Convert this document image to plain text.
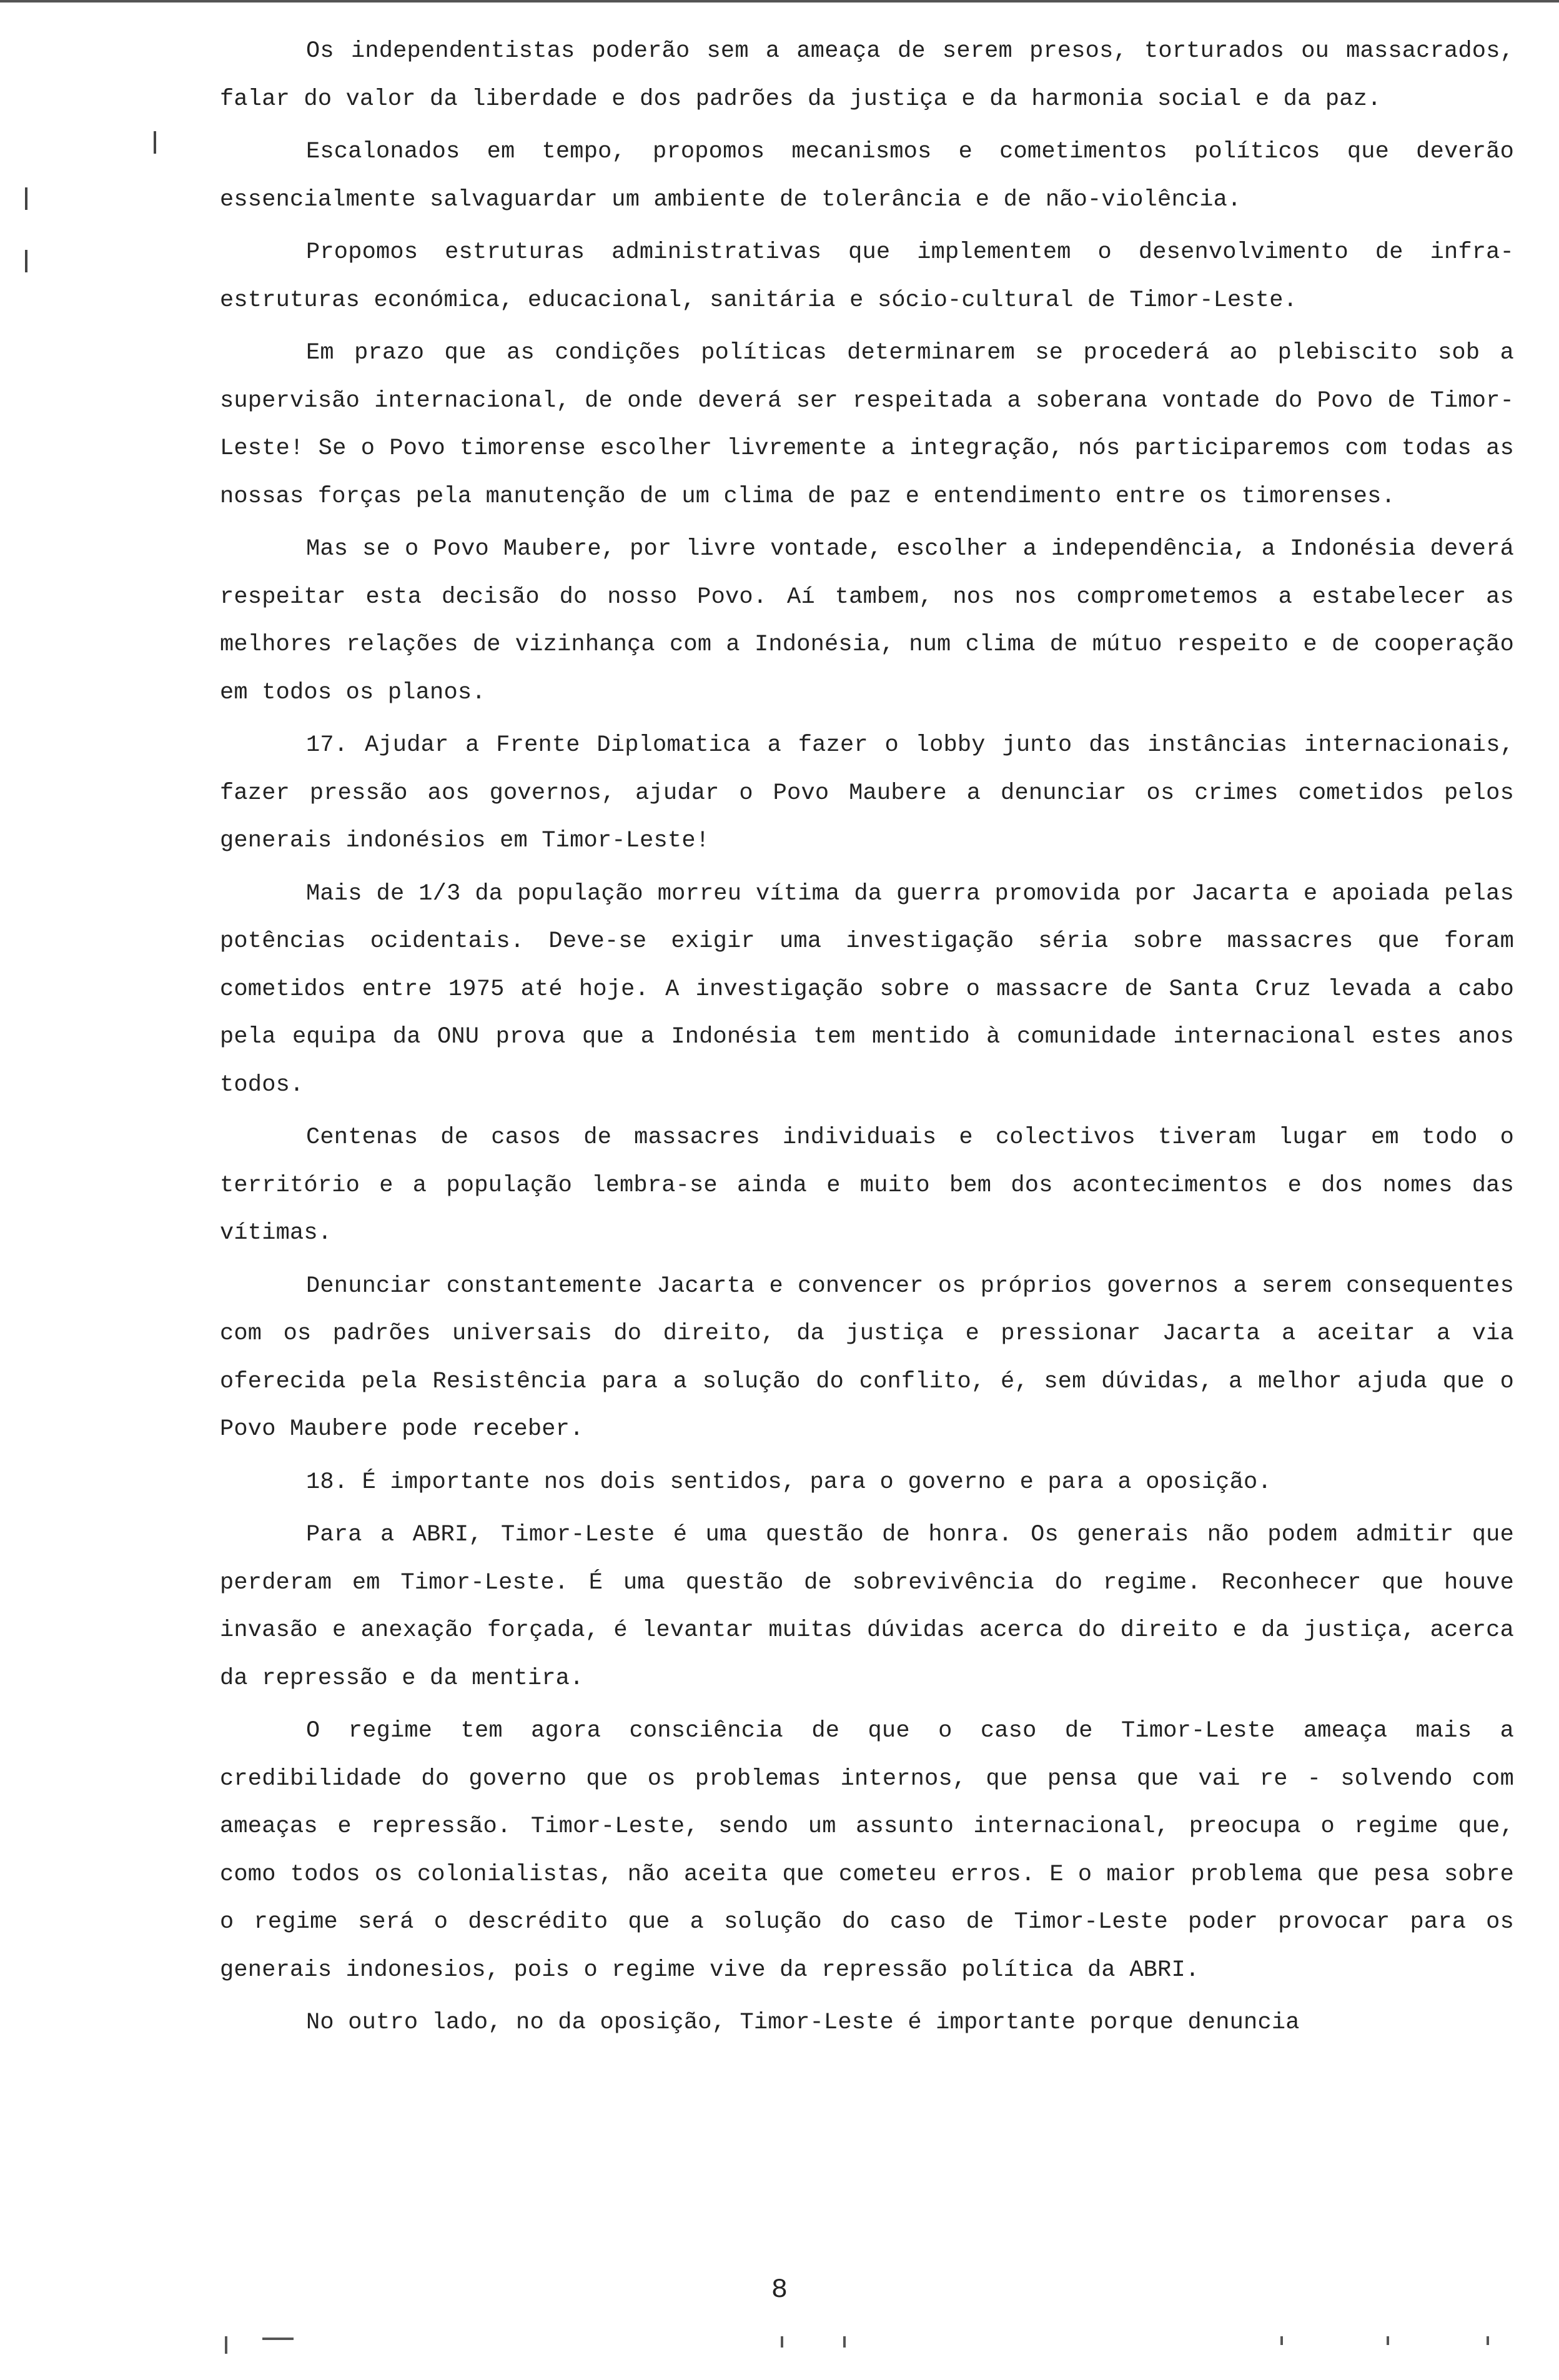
Os independentistas poderão sem a ameaça de serem presos, torturados ou massacrados, falar do valor da liberdade e dos padrões da justiça e da harmonia social e da paz.

Escalonados em tempo, propomos mecanismos e cometimentos políticos que deverão essencialmente salvaguardar um ambiente de tolerância e de não-violência.

Propomos estruturas administrativas que implementem o desenvolvimento de infra-estruturas económica, educacional, sanitária e sócio-cultural de Timor-Leste.

Em prazo que as condições políticas determinarem se procederá ao plebiscito sob a supervisão internacional, de onde deverá ser respeitada a soberana vontade do Povo de Timor-Leste! Se o Povo timorense escolher livremente a integração, nós participaremos com todas as nossas forças pela manutenção de um clima de paz e entendimento entre os timorenses.

Mas se o Povo Maubere, por livre vontade, escolher a independência, a Indonésia deverá respeitar esta decisão do nosso Povo. Aí tambem, nos nos comprometemos a estabelecer as melhores relações de vizinhança com a Indonésia, num clima de mútuo respeito e de cooperação em todos os planos.

17. Ajudar a Frente Diplomatica a fazer o lobby junto das instâncias internacionais, fazer pressão aos governos, ajudar o Povo Maubere a denunciar os crimes cometidos pelos generais indonésios em Timor-Leste!

Mais de 1/3 da população morreu vítima da guerra promovida por Jacarta e apoiada pelas potências ocidentais. Deve-se exigir uma investigação séria sobre massacres que foram cometidos entre 1975 até hoje. A investigação sobre o massacre de Santa Cruz levada a cabo pela equipa da ONU prova que a Indonésia tem mentido à comunidade internacional estes anos todos.

Centenas de casos de massacres individuais e colectivos tiveram lugar em todo o território e a população lembra-se ainda e muito bem dos acontecimentos e dos nomes das vítimas.

Denunciar constantemente Jacarta e convencer os próprios governos a serem consequentes com os padrões universais do direito, da justiça e pressionar Jacarta a aceitar a via oferecida pela Resistência para a solução do conflito, é, sem dúvidas, a melhor ajuda que o Povo Maubere pode receber.

18. É importante nos dois sentidos, para o governo e para a oposição.

Para a ABRI, Timor-Leste é uma questão de honra. Os generais não podem admitir que perderam em Timor-Leste. É uma questão de sobrevivência do regime. Reconhecer que houve invasão e anexação forçada, é levantar muitas dúvidas acerca do direito e da justiça, acerca da repressão e da mentira.

O regime tem agora consciência de que o caso de Timor-Leste ameaça mais a credibilidade do governo que os problemas internos, que pensa que vai re - solvendo com ameaças e repressão. Timor-Leste, sendo um assunto internacional, preocupa o regime que, como todos os colonialistas, não aceita que cometeu erros. E o maior problema que pesa sobre o regime será o descrédito que a solução do caso de Timor-Leste poder provocar para os generais indonesios, pois o regime vive da repressão política da ABRI.

No outro lado, no da oposição, Timor-Leste é importante porque denuncia

8
